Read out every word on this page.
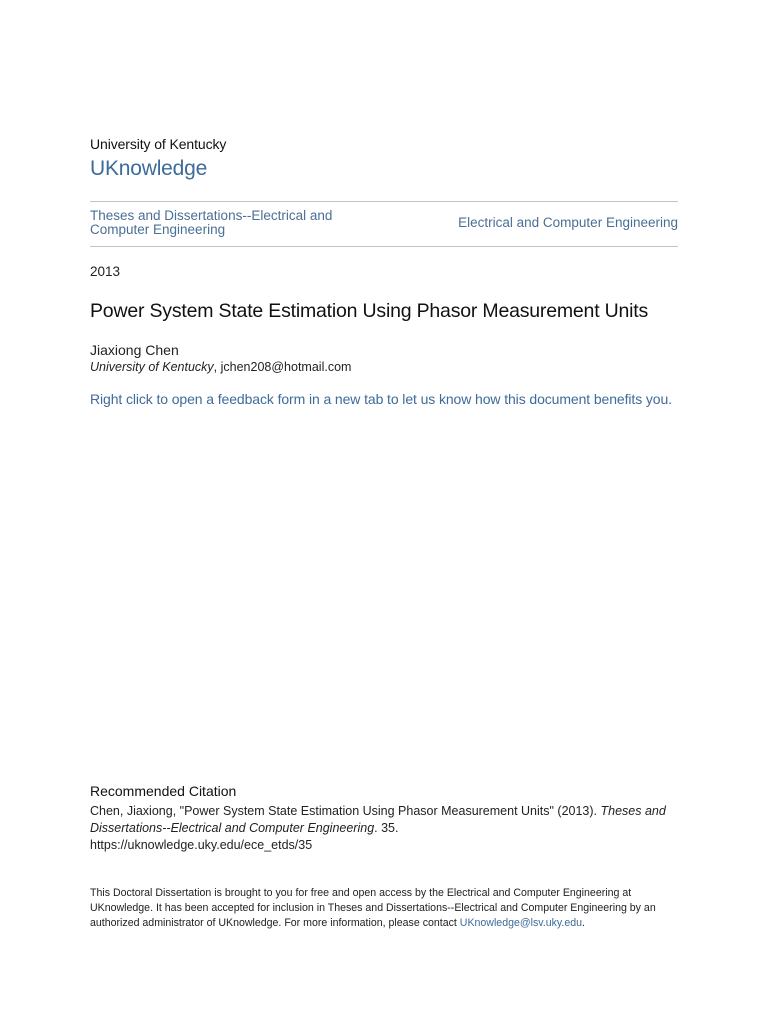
University of Kentucky
UKnowledge
Theses and Dissertations--Electrical and Computer Engineering	Electrical and Computer Engineering
2013
Power System State Estimation Using Phasor Measurement Units
Jiaxiong Chen
University of Kentucky, jchen208@hotmail.com
Right click to open a feedback form in a new tab to let us know how this document benefits you.
Recommended Citation
Chen, Jiaxiong, "Power System State Estimation Using Phasor Measurement Units" (2013). Theses and Dissertations--Electrical and Computer Engineering. 35.
https://uknowledge.uky.edu/ece_etds/35
This Doctoral Dissertation is brought to you for free and open access by the Electrical and Computer Engineering at UKnowledge. It has been accepted for inclusion in Theses and Dissertations--Electrical and Computer Engineering by an authorized administrator of UKnowledge. For more information, please contact UKnowledge@lsv.uky.edu.
